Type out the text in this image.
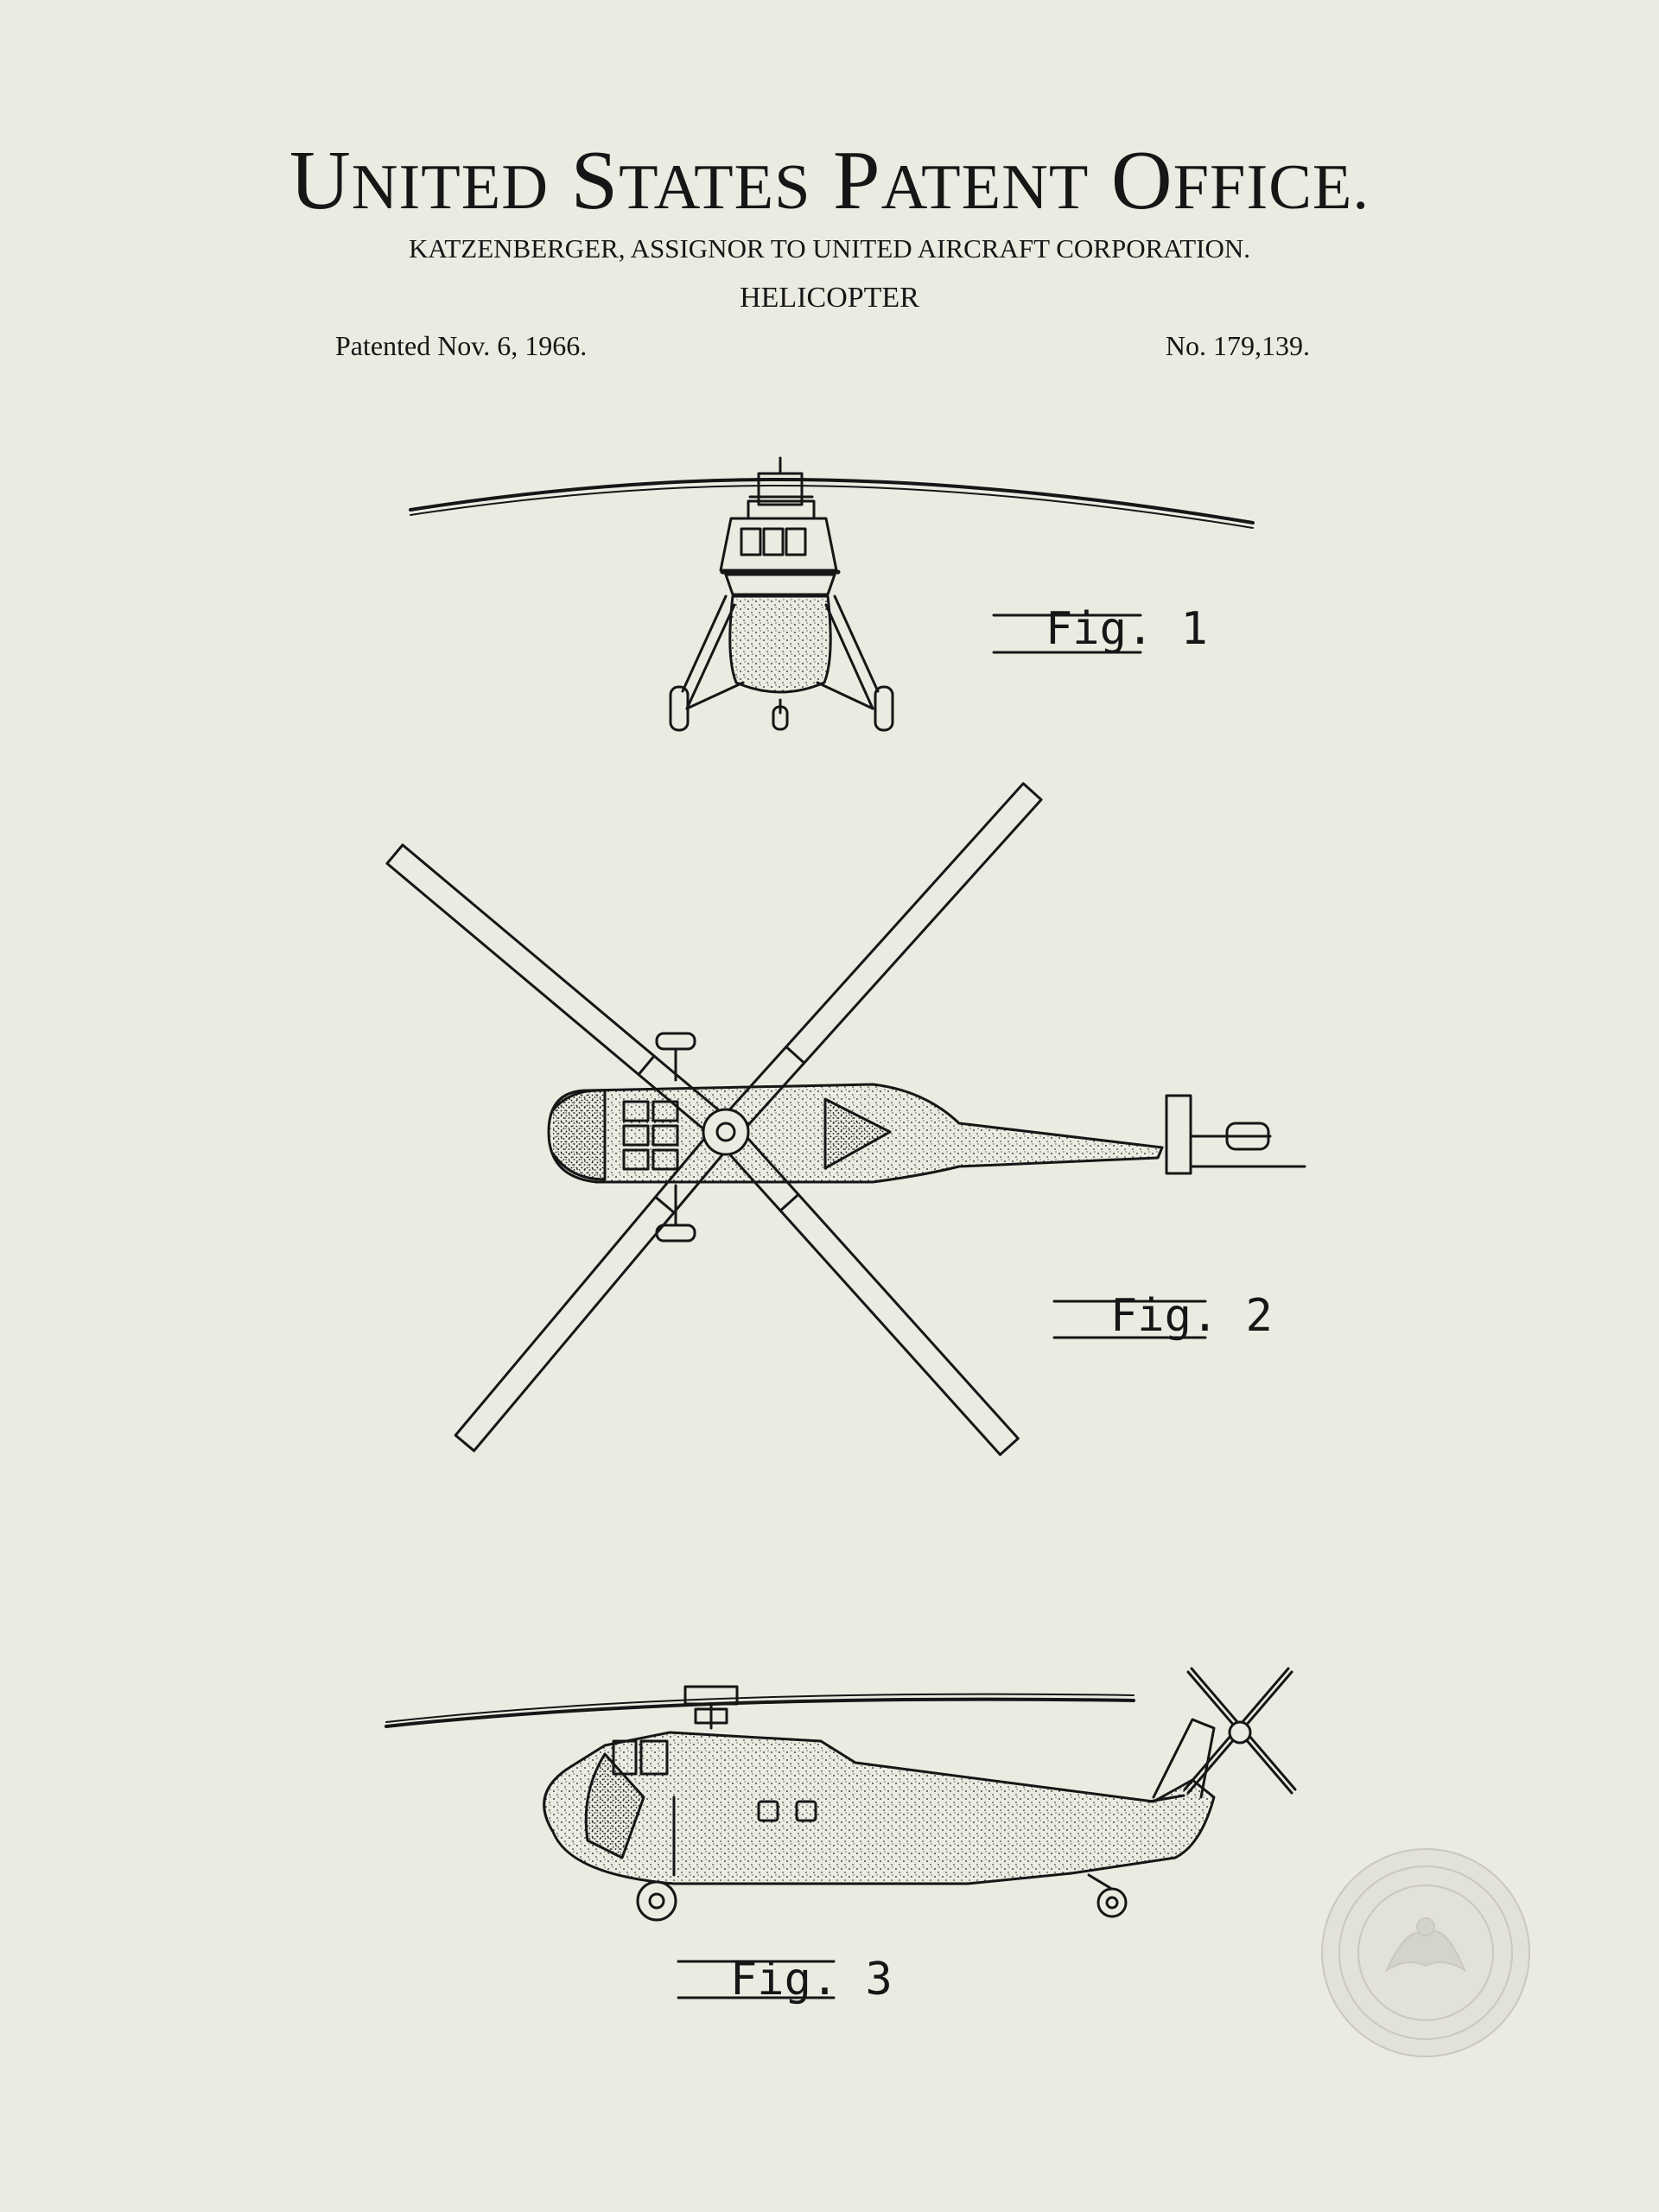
UNITED STATES PATENT OFFICE.
KATZENBERGER, ASSIGNOR TO UNITED AIRCRAFT CORPORATION.
HELICOPTER
Patented Nov. 6, 1966.	No. 179,139.
Fig. 1
Fig. 2
Fig. 3
